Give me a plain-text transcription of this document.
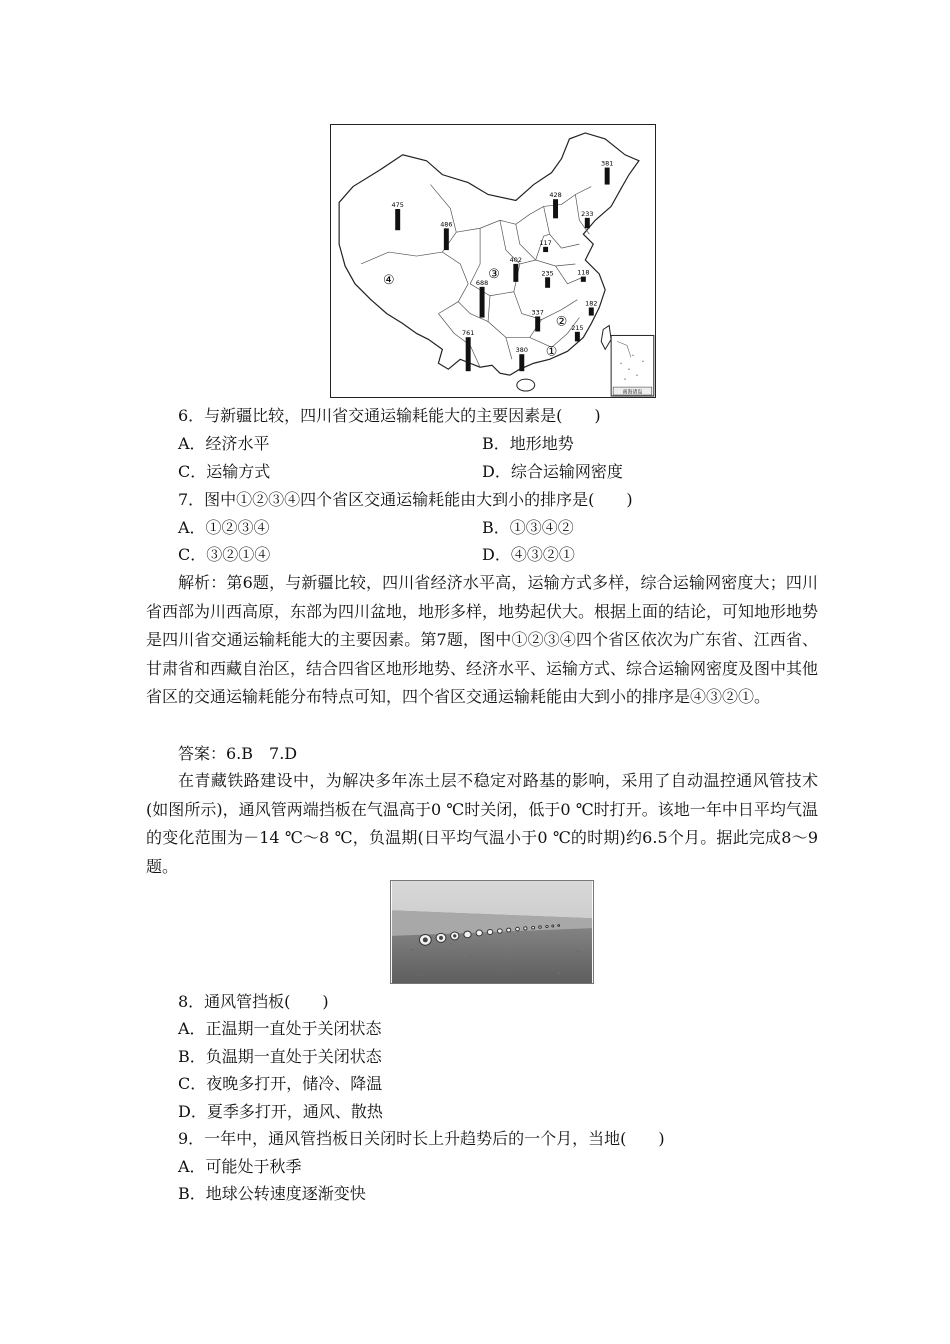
南海诸岛
④	③
②
①
381
475
428
233
486
117
402
235	118
688
182
337
215
761
380
6．与新疆比较，四川省交通运输耗能大的主要因素是(　　)
A．经济水平	B．地形地势
C．运输方式	D．综合运输网密度
7．图中①②③④四个省区交通运输耗能由大到小的排序是(　　)
A．①②③④	B．①③④②
C．③②①④	D．④③②①
解析：第6题，与新疆比较，四川省经济水平高，运输方式多样，综合运输网密度大；四川省西部为川西高原，东部为四川盆地，地形多样，地势起伏大。根据上面的结论，可知地形地势是四川省交通运输耗能大的主要因素。第7题，图中①②③④四个省区依次为广东省、江西省、甘肃省和西藏自治区，结合四省区地形地势、经济水平、运输方式、综合运输网密度及图中其他省区的交通运输耗能分布特点可知，四个省区交通运输耗能由大到小的排序是④③②①。
答案：6.B　7.D
在青藏铁路建设中，为解决多年冻土层不稳定对路基的影响，采用了自动温控通风管技术(如图所示)，通风管两端挡板在气温高于0 ℃时关闭，低于0 ℃时打开。该地一年中日平均气温的变化范围为－14 ℃～8 ℃，负温期(日平均气温小于0 ℃的时期)约6.5个月。据此完成8～9题。
8．通风管挡板(　　)
A．正温期一直处于关闭状态
B．负温期一直处于关闭状态
C．夜晚多打开，储冷、降温
D．夏季多打开，通风、散热
9．一年中，通风管挡板日关闭时长上升趋势后的一个月，当地(　　)
A．可能处于秋季
B．地球公转速度逐渐变快
